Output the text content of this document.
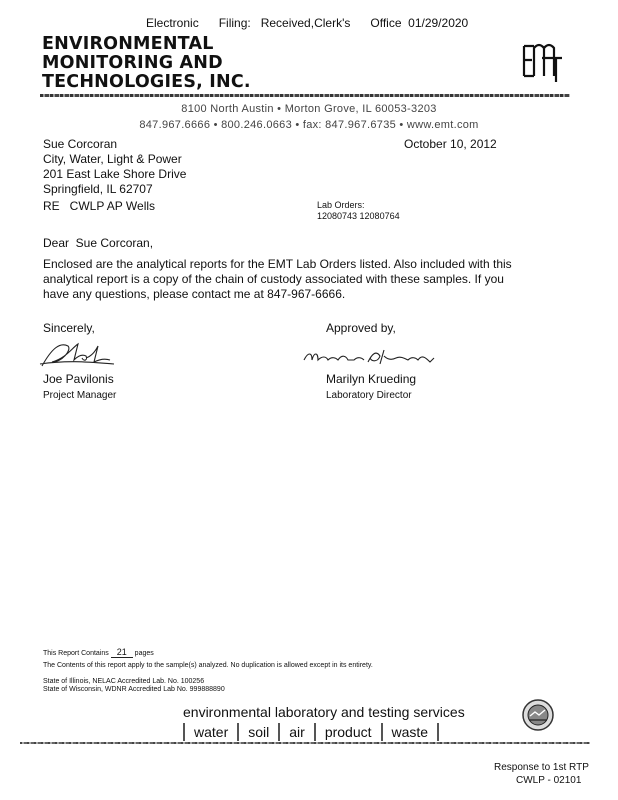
Electronic      Filing:   Received,Clerk's      Office  01/29/2020
ENVIRONMENTAL
MONITORING AND
TECHNOLOGIES, INC.
8100 North Austin • Morton Grove, IL 60053-3203
847.967.6666 • 800.246.0663 • fax: 847.967.6735 • www.emt.com
Sue Corcoran
City, Water, Light & Power
201 East Lake Shore Drive
Springfield, IL 62707
October 10, 2012
RE   CWLP AP Wells	Lab Orders:
12080743 12080764
Dear  Sue Corcoran,
Enclosed are the analytical reports for the EMT Lab Orders listed. Also included with this
analytical report is a copy of the chain of custody associated with these samples. If you
have any questions, please contact me at 847-967-6666.
Sincerely,	Approved by,
Joe Pavilonis
Project Manager
Marilyn Krueding
Laboratory Director
This Report Contains 21 pages
The Contents of this report apply to the sample(s) analyzed. No duplication is allowed except in its entirety.
State of Illinois, NELAC Accredited Lab. No. 100256
State of Wisconsin, WDNR Accredited Lab No. 999888890
environmental laboratory and testing services
water	soil	air	product	waste
Response to 1st RTP
CWLP - 02101
